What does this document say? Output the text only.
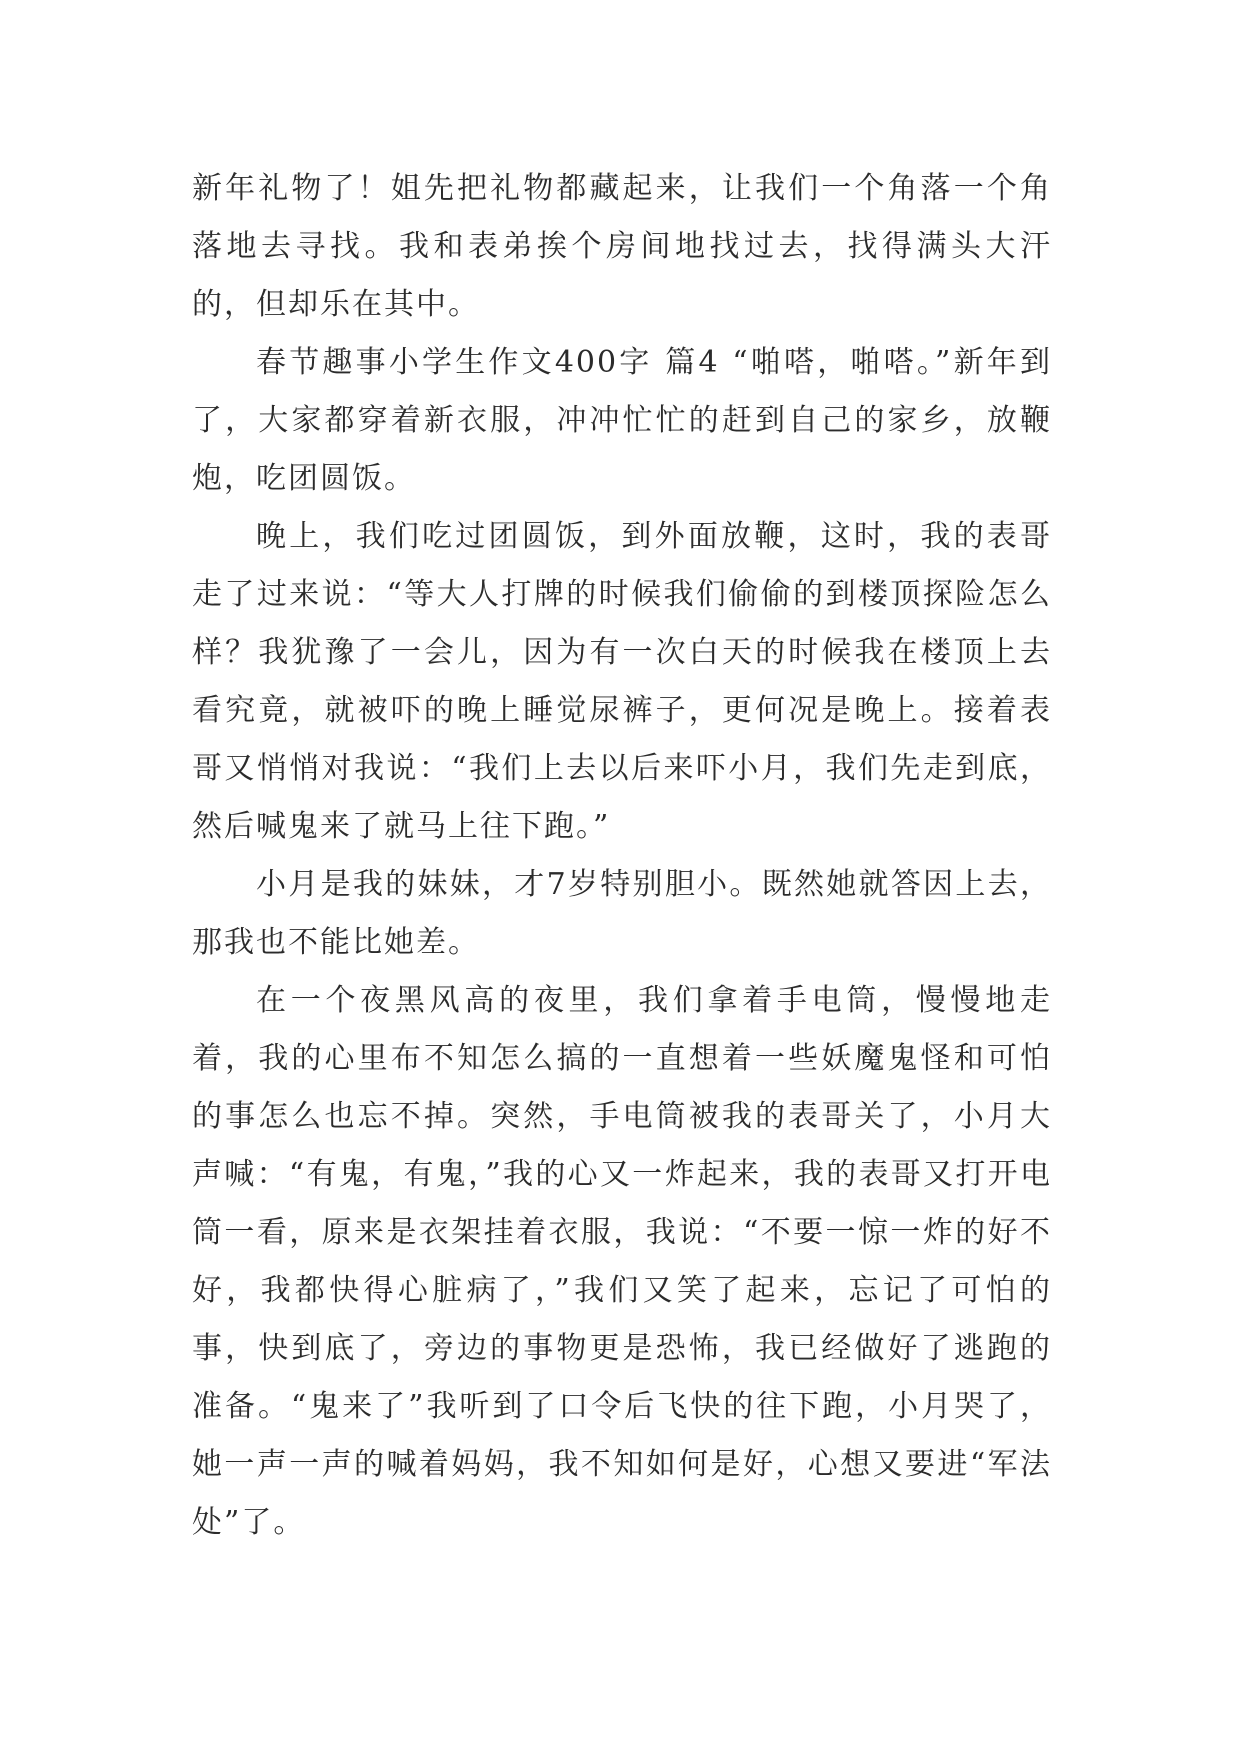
新年礼物了！姐先把礼物都藏起来，让我们一个角落一个角落地去寻找。我和表弟挨个房间地找过去，找得满头大汗的，但却乐在其中。

春节趣事小学生作文400字 篇4 “啪嗒，啪嗒。”新年到了，大家都穿着新衣服，冲冲忙忙的赶到自己的家乡，放鞭炮，吃团圆饭。

晚上，我们吃过团圆饭，到外面放鞭，这时，我的表哥走了过来说：“等大人打牌的时候我们偷偷的到楼顶探险怎么样？我犹豫了一会儿，因为有一次白天的时候我在楼顶上去看究竟，就被吓的晚上睡觉尿裤子，更何况是晚上。接着表哥又悄悄对我说：“我们上去以后来吓小月，我们先走到底，然后喊鬼来了就马上往下跑。”

小月是我的妹妹，才7岁特别胆小。既然她就答因上去，那我也不能比她差。

在一个夜黑风高的夜里，我们拿着手电筒，慢慢地走着，我的心里布不知怎么搞的一直想着一些妖魔鬼怪和可怕的事怎么也忘不掉。突然，手电筒被我的表哥关了，小月大声喊：“有鬼，有鬼，”我的心又一炸起来，我的表哥又打开电筒一看，原来是衣架挂着衣服，我说：“不要一惊一炸的好不好，我都快得心脏病了，”我们又笑了起来，忘记了可怕的事，快到底了，旁边的事物更是恐怖，我已经做好了逃跑的准备。“鬼来了”我听到了口令后飞快的往下跑，小月哭了，她一声一声的喊着妈妈，我不知如何是好，心想又要进“军法处”了。
